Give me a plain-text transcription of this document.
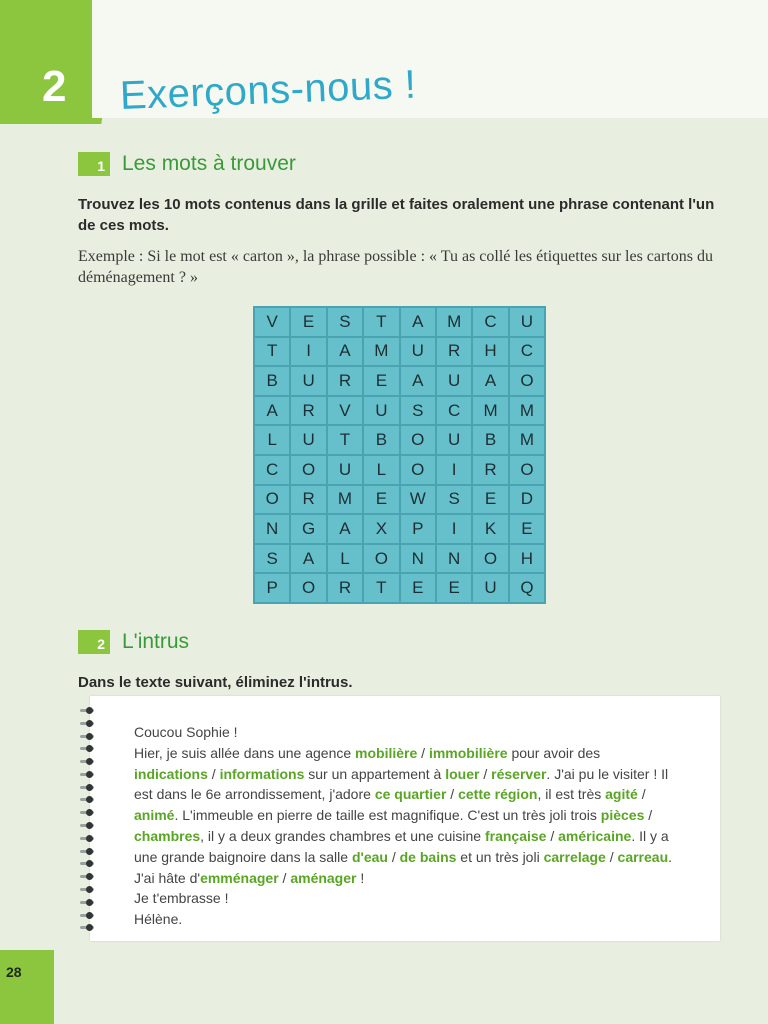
2 Exerçons-nous !
1 Les mots à trouver
Trouvez les 10 mots contenus dans la grille et faites oralement une phrase contenant l'un de ces mots.
Exemple : Si le mot est « carton », la phrase possible : « Tu as collé les étiquettes sur les cartons du déménagement ? »
V	E	S	T	A	M	C	U
T	I	A	M	U	R	H	C
B	U	R	E	A	U	A	O
A	R	V	U	S	C	M	M
L	U	T	B	O	U	B	M
C	O	U	L	O	I	R	O
O	R	M	E	W	S	E	D
N	G	A	X	P	I	K	E
S	A	L	O	N	N	O	H
P	O	R	T	E	E	U	Q
2 L'intrus
Dans le texte suivant, éliminez l'intrus.
Coucou Sophie !
Hier, je suis allée dans une agence mobilière / immobilière pour avoir des indications / informations sur un appartement à louer / réserver. J'ai pu le visiter ! Il est dans le 6e arrondissement, j'adore ce quartier / cette région, il est très agité / animé. L'immeuble en pierre de taille est magnifique. C'est un très joli trois pièces / chambres, il y a deux grandes chambres et une cuisine française / américaine. Il y a une grande baignoire dans la salle d'eau / de bains et un très joli carrelage / carreau. J'ai hâte d'emménager / aménager !
Je t'embrasse !
Hélène.
28
